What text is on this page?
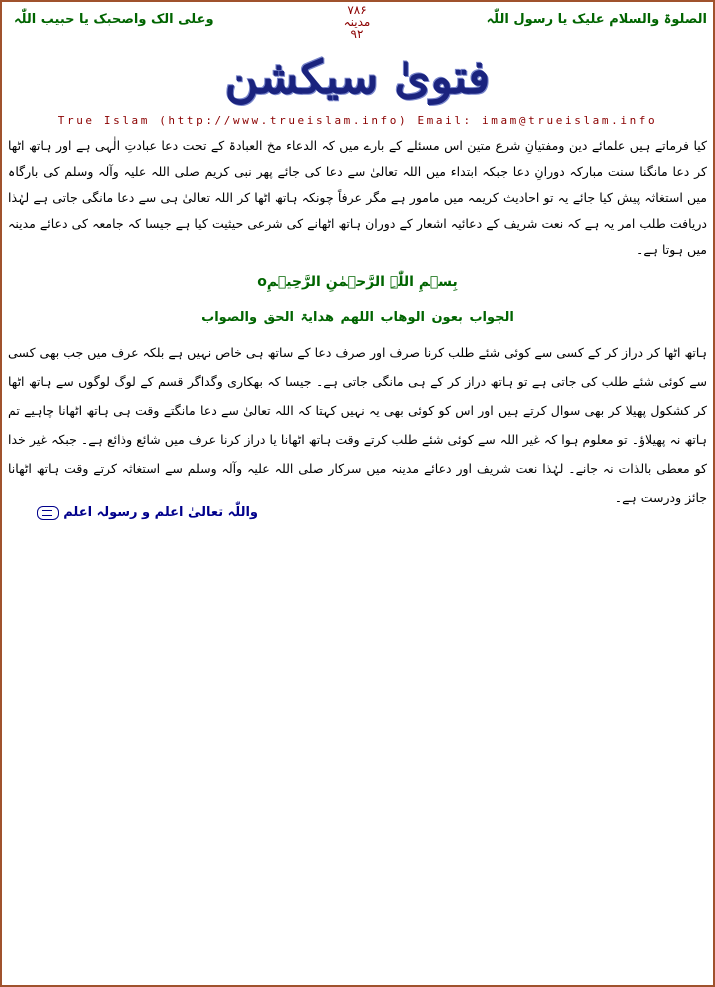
الصلوۃ والسلام علیک یا رسول اللّٰہ
۷۸۶
مدینہ
۹۲
وعلی الک واصحبک یا حبیب اللّٰہ
فتویٰ سیکشن
True Islam (http://www.trueislam.info) Email: imam@trueislam.info
کیا فرماتے ہیں علمائے دین ومفتیانِ شرع متین اس مسئلے کے بارے میں کہ الدعاء مخ العبادۃ کے تحت دعا عبادتِ الٰہی ہے اور ہاتھ اٹھا کر دعا مانگنا سنت مبارکہ دورانِ دعا جبکہ ابتداء میں اللہ تعالیٰ سے دعا کی جائے پھر نبی کریم صلی اللہ علیہ وآلہ وسلم کی بارگاہ میں استغاثہ پیش کیا جائے یہ تو احادیث کریمہ میں مامور ہے مگر عرفاً چونکہ ہاتھ اٹھا کر اللہ تعالیٰ ہی سے دعا مانگی جاتی ہے لہٰذا دریافت طلب امر یہ ہے کہ نعت شریف کے دعائیہ اشعار کے دوران ہاتھ اٹھانے کی شرعی حیثیت کیا ہے جیسا کہ جامعہ کی دعائے مدینہ میں ہوتا ہے۔
بِسۡمِ اللّٰہِ الرَّحۡمٰنِ الرَّحِیۡمِo
الجواب بعون الوھاب اللھم ھدایۃ الحق والصواب
ہاتھ اٹھا کر دراز کر کے کسی سے کوئی شئے طلب کرنا صرف اور صرف دعا کے ساتھ ہی خاص نہیں ہے بلکہ عرف میں جب بھی کسی سے کوئی شئے طلب کی جاتی ہے تو ہاتھ دراز کر کے ہی مانگی جاتی ہے۔ جیسا کہ بھکاری وگداگر قسم کے لوگ لوگوں سے ہاتھ اٹھا کر کشکول پھیلا کر بھی سوال کرتے ہیں اور اس کو کوئی بھی یہ نہیں کہتا کہ اللہ تعالیٰ سے دعا مانگتے وقت ہی ہاتھ اٹھانا چاہیے تم ہاتھ نہ پھیلاؤ۔ تو معلوم ہوا کہ غیر اللہ سے کوئی شئے طلب کرتے وقت ہاتھ اٹھانا یا دراز کرنا عرف میں شائع وذائع ہے۔ جبکہ غیر خدا کو معطی بالذات نہ جانے۔ لہٰذا نعت شریف اور دعائے مدینہ میں سرکار صلی اللہ علیہ وآلہ وسلم سے استغاثہ کرتے وقت ہاتھ اٹھانا جائز ودرست ہے۔
واللّٰہ تعالیٰ اعلم و رسولہ اعلم
